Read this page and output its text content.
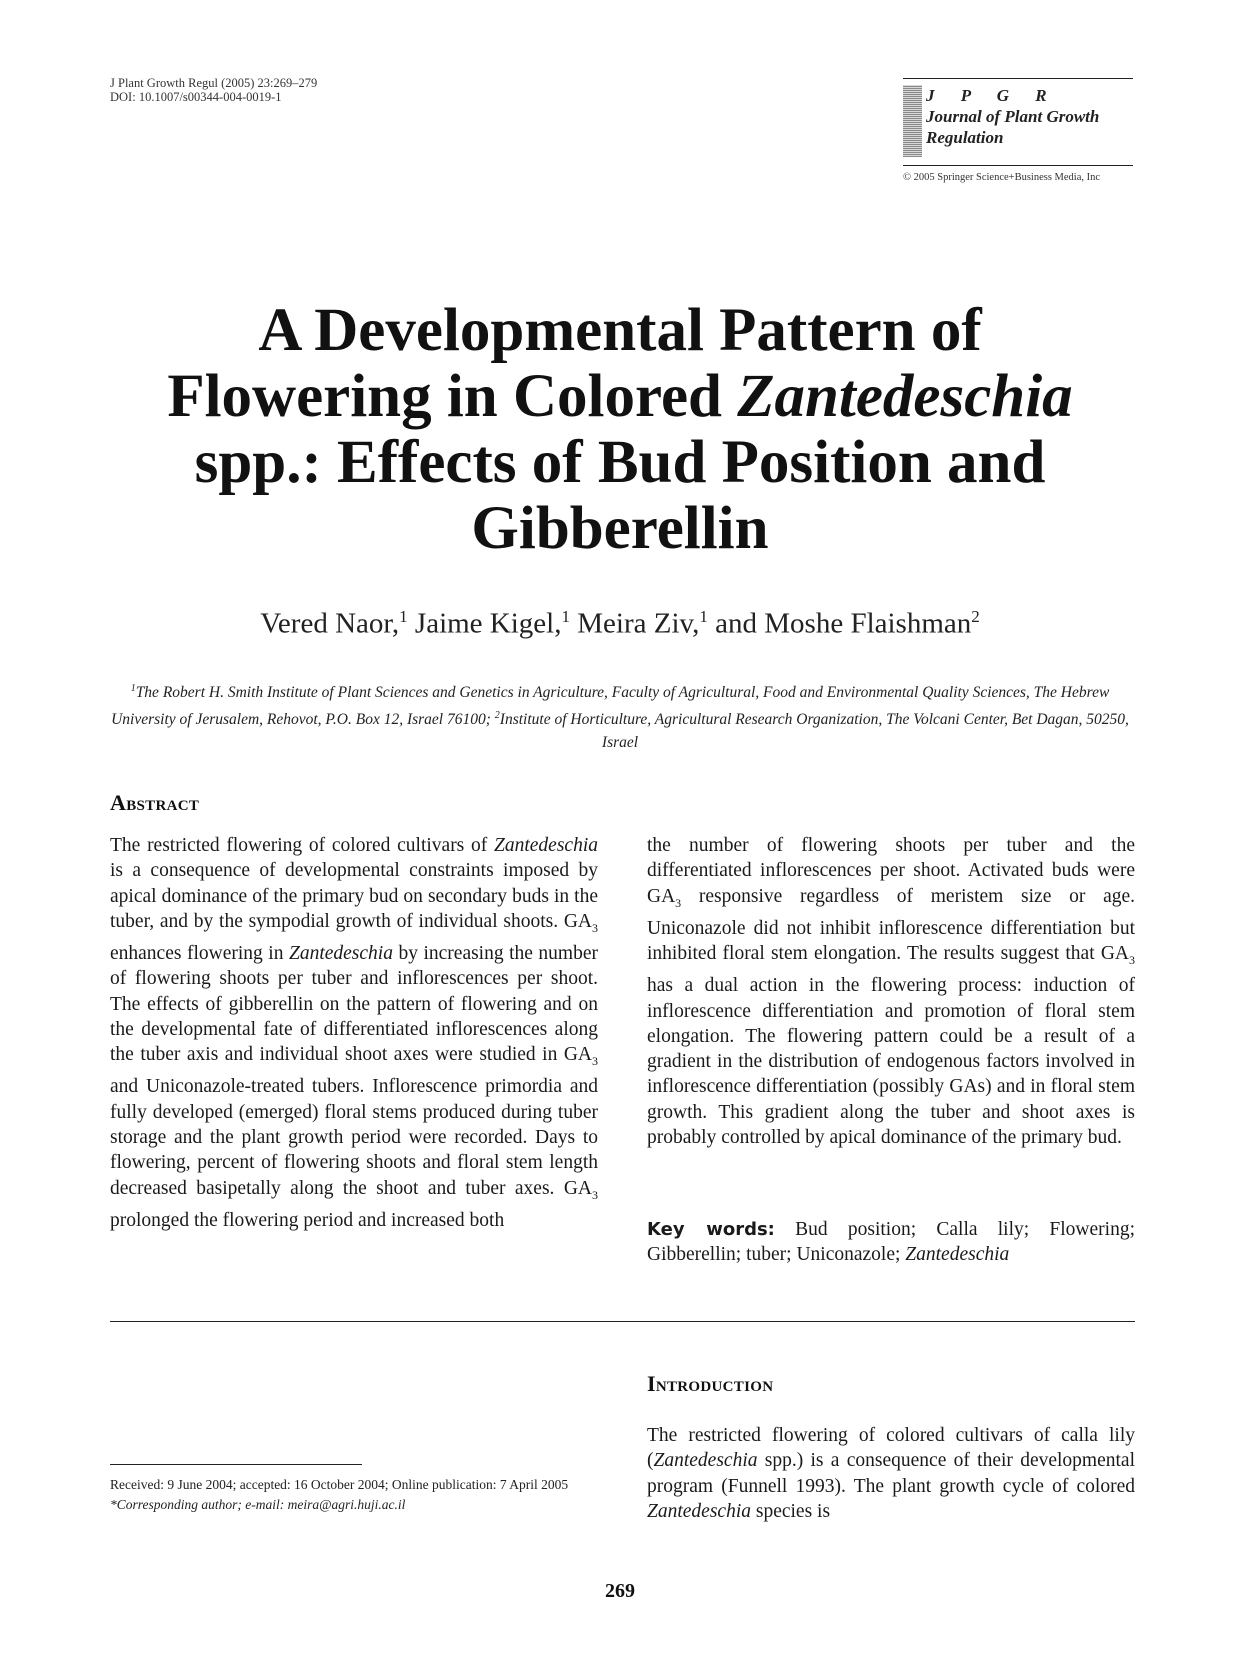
J Plant Growth Regul (2005) 23:269–279
DOI: 10.1007/s00344-004-0019-1	J P G R
Journal of Plant Growth
Regulation
© 2005 Springer Science+Business Media, Inc
A Developmental Pattern of
Flowering in Colored Zantedeschia
spp.: Effects of Bud Position and
Gibberellin
Vered Naor,$^1$ Jaime Kigel,$^1$ Meira Ziv,$^1$ and Moshe Flaishman$^2$
$^1$The Robert H. Smith Institute of Plant Sciences and Genetics in Agriculture, Faculty of Agricultural, Food and Environmental Quality Sciences, The Hebrew University of Jerusalem, Rehovot, P.O. Box 12, Israel 76100; $^2$Institute of Horticulture, Agricultural Research Organization, The Volcani Center, Bet Dagan, 50250, Israel
Abstract
The restricted flowering of colored cultivars of Zantedeschia is a consequence of developmental constraints imposed by apical dominance of the primary bud on secondary buds in the tuber, and by the sympodial growth of individual shoots. $GA_3$ enhances flowering in Zantedeschia by increasing the number of flowering shoots per tuber and inflorescences per shoot. The effects of gibberellin on the pattern of flowering and on the developmental fate of differentiated inflorescences along the tuber axis and individual shoot axes were studied in $GA_3$ and Uniconazole-treated tubers. Inflorescence primordia and fully developed (emerged) floral stems produced during tuber storage and the plant growth period were recorded. Days to flowering, percent of flowering shoots and floral stem length decreased basipetally along the shoot and tuber axes. $GA_3$ prolonged the flowering period and increased both
the number of flowering shoots per tuber and the differentiated inflorescences per shoot. Activated buds were $GA_3$ responsive regardless of meristem size or age. Uniconazole did not inhibit inflorescence differentiation but inhibited floral stem elongation. The results suggest that $GA_3$ has a dual action in the flowering process: induction of inflorescence differentiation and promotion of floral stem elongation. The flowering pattern could be a result of a gradient in the distribution of endogenous factors involved in inflorescence differentiation (possibly GAs) and in floral stem growth. This gradient along the tuber and shoot axes is probably controlled by apical dominance of the primary bud.
Key words: Bud position; Calla lily; Flowering; Gibberellin; tuber; Uniconazole; Zantedeschia
Introduction
The restricted flowering of colored cultivars of calla lily (Zantedeschia spp.) is a consequence of their developmental program (Funnell 1993). The plant growth cycle of colored Zantedeschia species is
Received: 9 June 2004; accepted: 16 October 2004; Online publication: 7 April 2005
*Corresponding author; e-mail: meira@agri.huji.ac.il
269
